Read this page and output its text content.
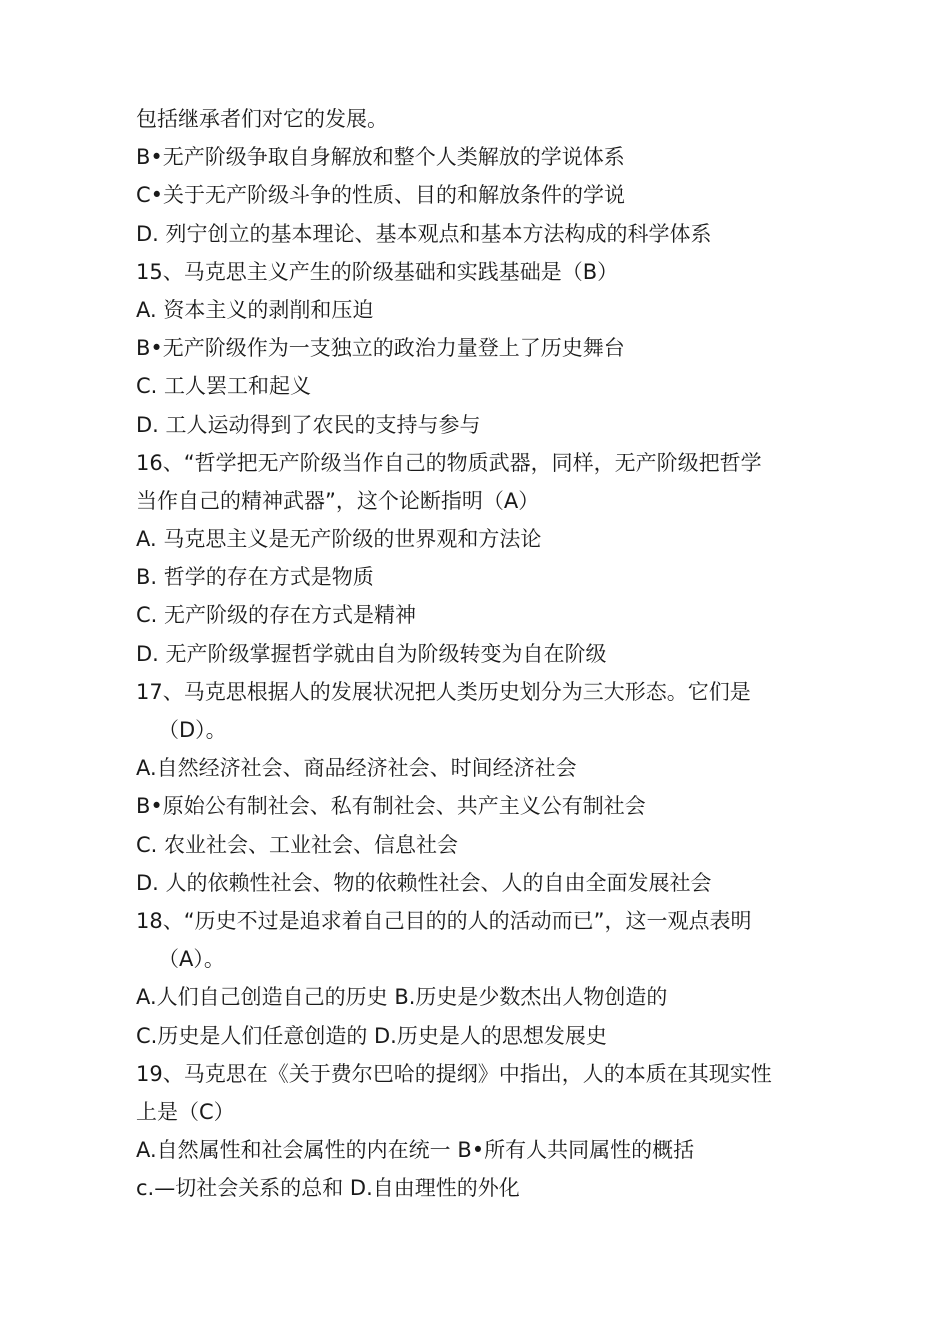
包括继承者们对它的发展。
B•无产阶级争取自身解放和整个人类解放的学说体系
C•关于无产阶级斗争的性质、目的和解放条件的学说
D. 列宁创立的基本理论、基本观点和基本方法构成的科学体系
15、马克思主义产生的阶级基础和实践基础是（B）
A. 资本主义的剥削和压迫
B•无产阶级作为一支独立的政治力量登上了历史舞台
C. 工人罢工和起义
D. 工人运动得到了农民的支持与参与
16、“哲学把无产阶级当作自己的物质武器，同样，无产阶级把哲学
当作自己的精神武器”，这个论断指明（A）
A. 马克思主义是无产阶级的世界观和方法论
B. 哲学的存在方式是物质
C. 无产阶级的存在方式是精神
D. 无产阶级掌握哲学就由自为阶级转变为自在阶级
17、马克思根据人的发展状况把人类历史划分为三大形态。它们是
（D）。
A.自然经济社会、商品经济社会、时间经济社会
B•原始公有制社会、私有制社会、共产主义公有制社会
C. 农业社会、工业社会、信息社会
D. 人的依赖性社会、物的依赖性社会、人的自由全面发展社会
18、“历史不过是追求着自己目的的人的活动而已”，这一观点表明
（A）。
A.人们自己创造自己的历史 B.历史是少数杰出人物创造的
C.历史是人们任意创造的 D.历史是人的思想发展史
19、马克思在《关于费尔巴哈的提纲》中指出，人的本质在其现实性
上是（C）
A.自然属性和社会属性的内在统一 B•所有人共同属性的概括
c.—切社会关系的总和 D.自由理性的外化
